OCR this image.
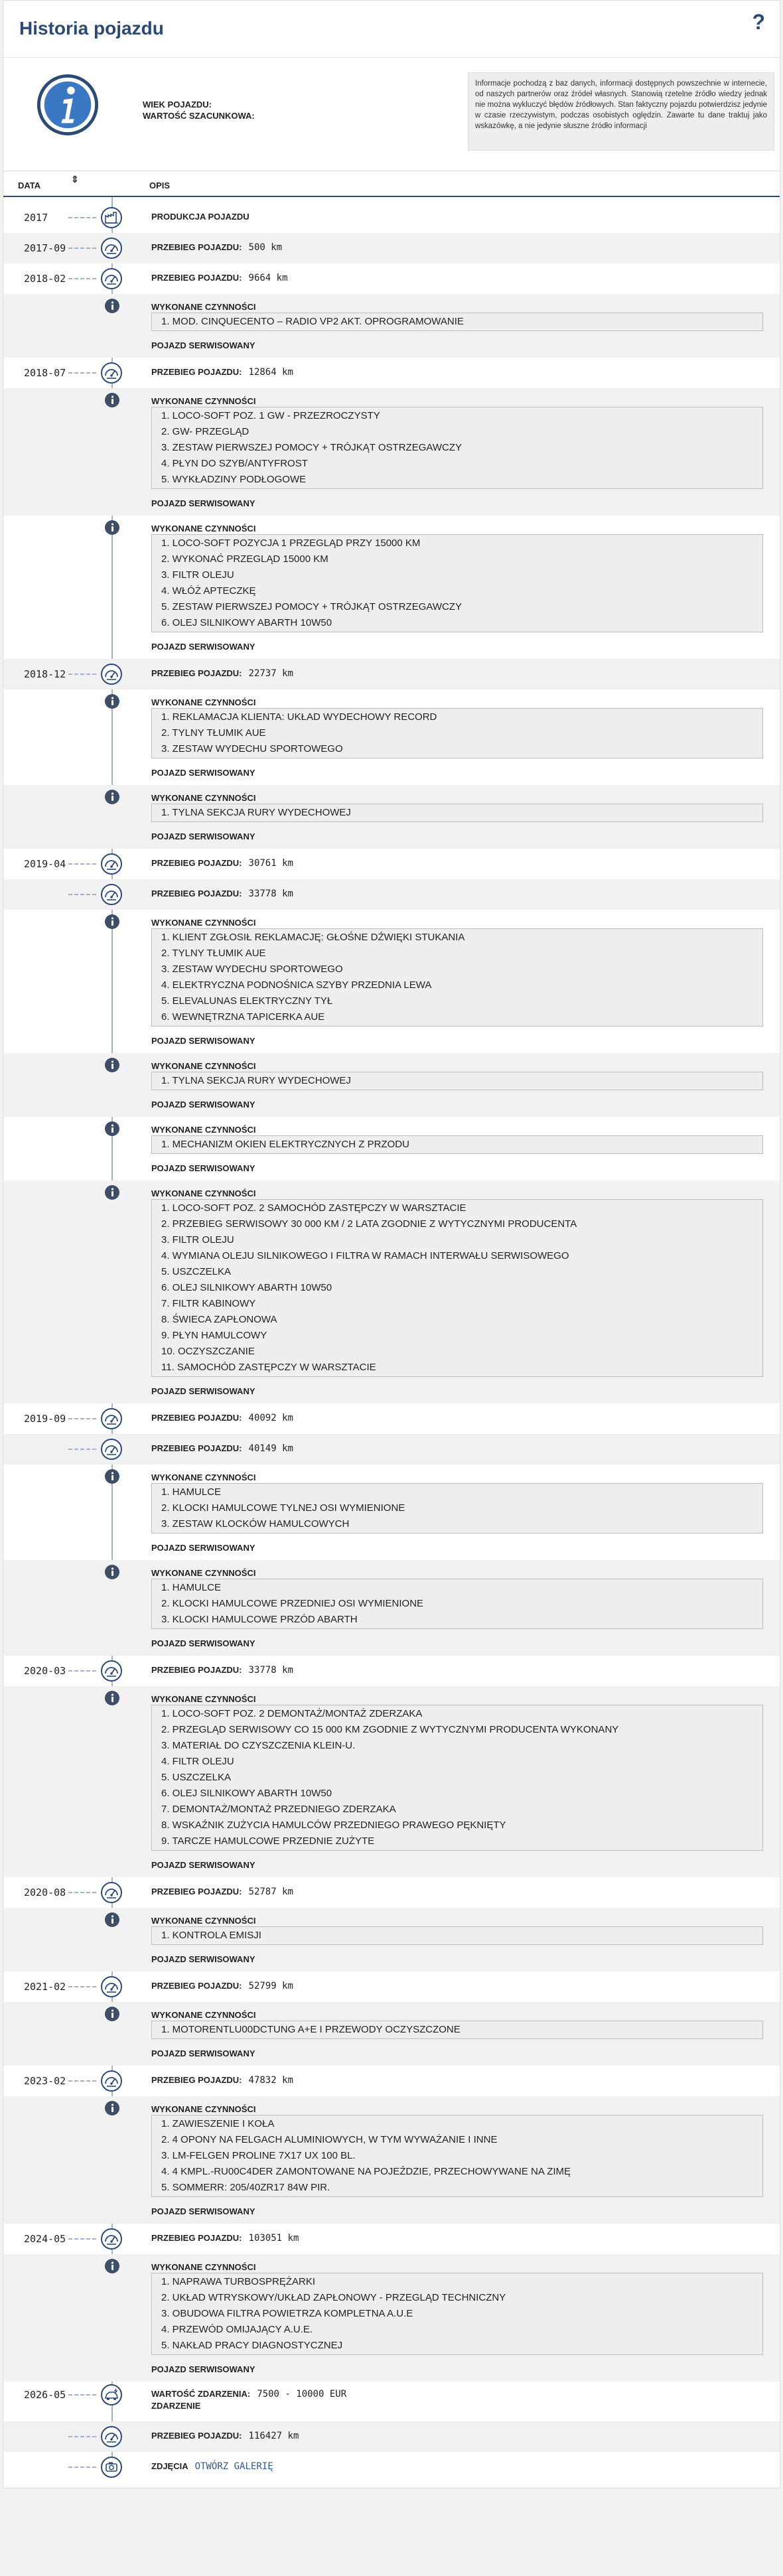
Historia pojazdu	?
WIEK POJAZDU:
WARTOŚĆ SZACUNKOWA:
Informacje pochodzą z baz danych, informacji dostępnych powszechnie w internecie, od naszych partnerów oraz źródeł własnych. Stanowią rzetelne źródło wiedzy jednak nie można wykluczyć błędów źródłowych. Stan faktyczny pojazdu potwierdzisz jedynie w czasie rzeczywistym, podczas osobistych oględzin. Zawarte tu dane traktuj jako wskazówkę, a nie jedynie słuszne źródło informacji
DATA
⇕
OPIS
2017	PRODUKCJA POJAZDU
2017-09	PRZEBIEG POJAZDU: 500 km
2018-02	PRZEBIEG POJAZDU: 9664 km
WYKONANE CZYNNOŚCI
1. MOD. CINQUECENTO – RADIO VP2 AKT. OPROGRAMOWANIE
POJAZD SERWISOWANY
2018-07	PRZEBIEG POJAZDU: 12864 km
WYKONANE CZYNNOŚCI
1. LOCO-SOFT POZ. 1 GW - PRZEZROCZYSTY
2. GW- PRZEGLĄD
3. ZESTAW PIERWSZEJ POMOCY + TRÓJKĄT OSTRZEGAWCZY
4. PŁYN DO SZYB/ANTYFROST
5. WYKŁADZINY PODŁOGOWE
POJAZD SERWISOWANY
WYKONANE CZYNNOŚCI
1. LOCO-SOFT POZYCJA 1 PRZEGLĄD PRZY 15000 KM
2. WYKONAĆ PRZEGLĄD 15000 KM
3. FILTR OLEJU
4. WŁÓŻ APTECZKĘ
5. ZESTAW PIERWSZEJ POMOCY + TRÓJKĄT OSTRZEGAWCZY
6. OLEJ SILNIKOWY ABARTH 10W50
POJAZD SERWISOWANY
2018-12	PRZEBIEG POJAZDU: 22737 km
WYKONANE CZYNNOŚCI
1. REKLAMACJA KLIENTA: UKŁAD WYDECHOWY RECORD
2. TYLNY TŁUMIK AUE
3. ZESTAW WYDECHU SPORTOWEGO
POJAZD SERWISOWANY
WYKONANE CZYNNOŚCI
1. TYLNA SEKCJA RURY WYDECHOWEJ
POJAZD SERWISOWANY
2019-04	PRZEBIEG POJAZDU: 30761 km
PRZEBIEG POJAZDU: 33778 km
WYKONANE CZYNNOŚCI
1. KLIENT ZGŁOSIŁ REKLAMACJĘ: GŁOŚNE DŹWIĘKI STUKANIA
2. TYLNY TŁUMIK AUE
3. ZESTAW WYDECHU SPORTOWEGO
4. ELEKTRYCZNA PODNOŚNICA SZYBY PRZEDNIA LEWA
5. ELEVALUNAS ELEKTRYCZNY TYŁ
6. WEWNĘTRZNA TAPICERKA AUE
POJAZD SERWISOWANY
WYKONANE CZYNNOŚCI
1. TYLNA SEKCJA RURY WYDECHOWEJ
POJAZD SERWISOWANY
WYKONANE CZYNNOŚCI
1. MECHANIZM OKIEN ELEKTRYCZNYCH Z PRZODU
POJAZD SERWISOWANY
WYKONANE CZYNNOŚCI
1. LOCO-SOFT POZ. 2 SAMOCHÓD ZASTĘPCZY W WARSZTACIE
2. PRZEBIEG SERWISOWY 30 000 KM / 2 LATA ZGODNIE Z WYTYCZNYMI PRODUCENTA
3. FILTR OLEJU
4. WYMIANA OLEJU SILNIKOWEGO I FILTRA W RAMACH INTERWAŁU SERWISOWEGO
5. USZCZELKA
6. OLEJ SILNIKOWY ABARTH 10W50
7. FILTR KABINOWY
8. ŚWIECA ZAPŁONOWA
9. PŁYN HAMULCOWY
10. OCZYSZCZANIE
11. SAMOCHÓD ZASTĘPCZY W WARSZTACIE
POJAZD SERWISOWANY
2019-09	PRZEBIEG POJAZDU: 40092 km
PRZEBIEG POJAZDU: 40149 km
WYKONANE CZYNNOŚCI
1. HAMULCE
2. KLOCKI HAMULCOWE TYLNEJ OSI WYMIENIONE
3. ZESTAW KLOCKÓW HAMULCOWYCH
POJAZD SERWISOWANY
WYKONANE CZYNNOŚCI
1. HAMULCE
2. KLOCKI HAMULCOWE PRZEDNIEJ OSI WYMIENIONE
3. KLOCKI HAMULCOWE PRZÓD ABARTH
POJAZD SERWISOWANY
2020-03	PRZEBIEG POJAZDU: 33778 km
WYKONANE CZYNNOŚCI
1. LOCO-SOFT POZ. 2 DEMONTAŻ/MONTAŻ ZDERZAKA
2. PRZEGLĄD SERWISOWY CO 15 000 KM ZGODNIE Z WYTYCZNYMI PRODUCENTA WYKONANY
3. MATERIAŁ DO CZYSZCZENIA KLEIN-U.
4. FILTR OLEJU
5. USZCZELKA
6. OLEJ SILNIKOWY ABARTH 10W50
7. DEMONTAŻ/MONTAŻ PRZEDNIEGO ZDERZAKA
8. WSKAŹNIK ZUŻYCIA HAMULCÓW PRZEDNIEGO PRAWEGO PĘKNIĘTY
9. TARCZE HAMULCOWE PRZEDNIE ZUŻYTE
POJAZD SERWISOWANY
2020-08	PRZEBIEG POJAZDU: 52787 km
WYKONANE CZYNNOŚCI
1. KONTROLA EMISJI
POJAZD SERWISOWANY
2021-02	PRZEBIEG POJAZDU: 52799 km
WYKONANE CZYNNOŚCI
1. MOTORENTLU00DCTUNG A+E I PRZEWODY OCZYSZCZONE
POJAZD SERWISOWANY
2023-02	PRZEBIEG POJAZDU: 47832 km
WYKONANE CZYNNOŚCI
1. ZAWIESZENIE I KOŁA
2. 4 OPONY NA FELGACH ALUMINIOWYCH, W TYM WYWAŻANIE I INNE
3. LM-FELGEN PROLINE 7X17 UX 100 BL.
4. 4 KMPL.-RU00C4DER ZAMONTOWANE NA POJEŹDZIE, PRZECHOWYWANE NA ZIMĘ
5. SOMMERR: 205/40ZR17 84W PIR.
POJAZD SERWISOWANY
2024-05	PRZEBIEG POJAZDU: 103051 km
WYKONANE CZYNNOŚCI
1. NAPRAWA TURBOSPRĘŻARKI
2. UKŁAD WTRYSKOWY/UKŁAD ZAPŁONOWY - PRZEGLĄD TECHNICZNY
3. OBUDOWA FILTRA POWIETRZA KOMPLETNA A.U.E
4. PRZEWÓD OMIJAJĄCY A.U.E.
5. NAKŁAD PRACY DIAGNOSTYCZNEJ
POJAZD SERWISOWANY
2026-05	WARTOŚĆ ZDARZENIA: 7500 - 10000 EUR
ZDARZENIE
PRZEBIEG POJAZDU: 116427 km
ZDJĘCIA OTWÓRZ GALERIĘ
